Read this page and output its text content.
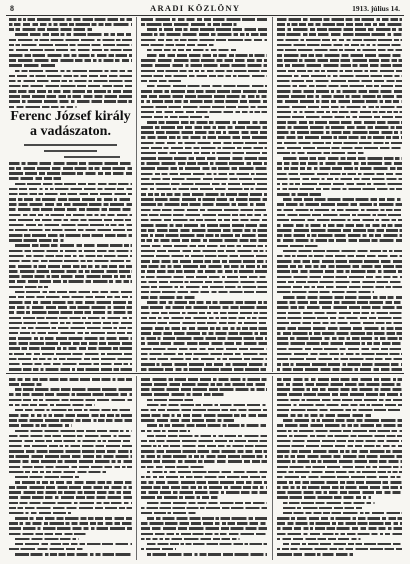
8	ARADI KÖZLÖNY	1913. július 14.
Ferenc József király
a vadászaton.
